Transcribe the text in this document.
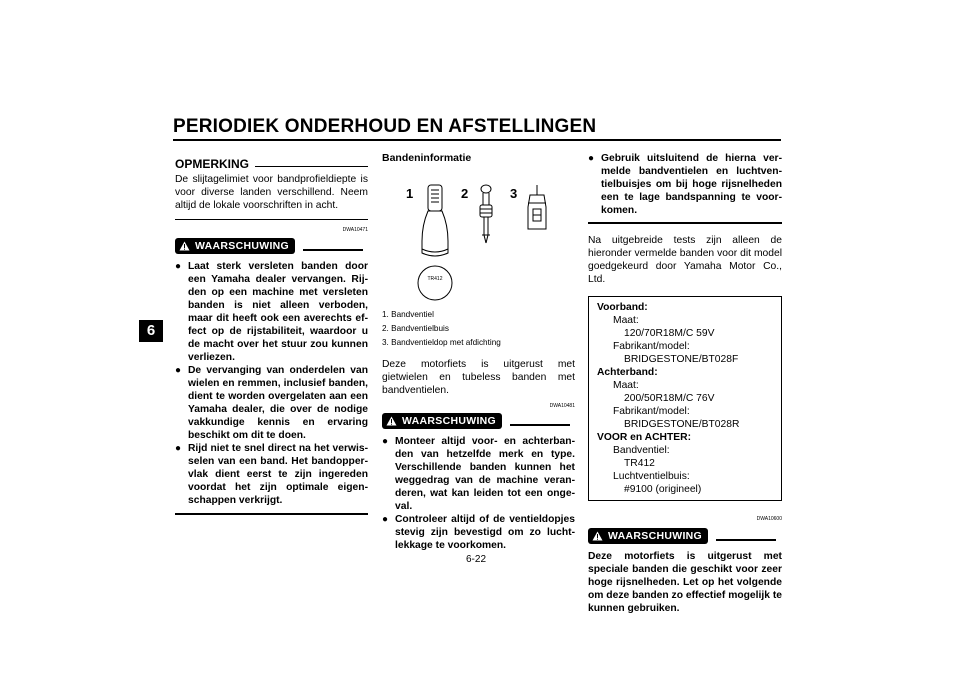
PERIODIEK ONDERHOUD EN AFSTELLINGEN
6
OPMERKING

De slijtagelimiet voor bandprofieldiepte is voor diverse landen verschillend. Neem altijd de lokale voorschriften in acht.

DWA10471
WAARSCHUWING
● Laat sterk versleten banden door een Yamaha dealer vervangen. Rijden op een machine met versleten banden is niet alleen verboden, maar dit heeft ook een averechts effect op de rijstabiliteit, waardoor u de macht over het stuur zou kunnen verliezen.
● De vervanging van onderdelen van wielen en remmen, inclusief banden, dient te worden overgelaten aan een Yamaha dealer, die over de nodige vakkundige kennis en ervaring beschikt om dit te doen.
● Rijd niet te snel direct na het verwisselen van een band. Het bandoppervlak dient eerst te zijn ingereden voordat het zijn optimale eigenschappen verkrijgt.

Bandeninformatie

1	2	3
TR412

1. Bandventiel

2. Bandventielbuis

3. Bandventieldop met afdichting

Deze motorfiets is uitgerust met gietwielen en tubeless banden met bandventielen.

DWA10481
WAARSCHUWING
● Monteer altijd voor- en achterbanden van hetzelfde merk en type. Verschillende banden kunnen het weggedrag van de machine veranderen, wat kan leiden tot een ongeval.
● Controleer altijd of de ventieldopjes stevig zijn bevestigd om zo luchtlekkage te voorkomen.
● Gebruik uitsluitend de hierna vermelde bandventielen en luchtventielbuisjes om bij hoge rijsnelheden een te lage bandspanning te voorkomen.

Na uitgebreide tests zijn alleen de hieronder vermelde banden voor dit model goedgekeurd door Yamaha Motor Co., Ltd.

Voorband:

Maat:

120/70R18M/C 59V

Fabrikant/model:

BRIDGESTONE/BT028F

Achterband:

Maat:

200/50R18M/C 76V

Fabrikant/model:

BRIDGESTONE/BT028R

VOOR en ACHTER:

Bandventiel:

TR412

Luchtventielbuis:

#9100 (origineel)

DWA10600
WAARSCHUWING

Deze motorfiets is uitgerust met speciale banden die geschikt voor zeer hoge rijsnelheden. Let op het volgende om deze banden zo effectief mogelijk te kunnen gebruiken.

6-22
